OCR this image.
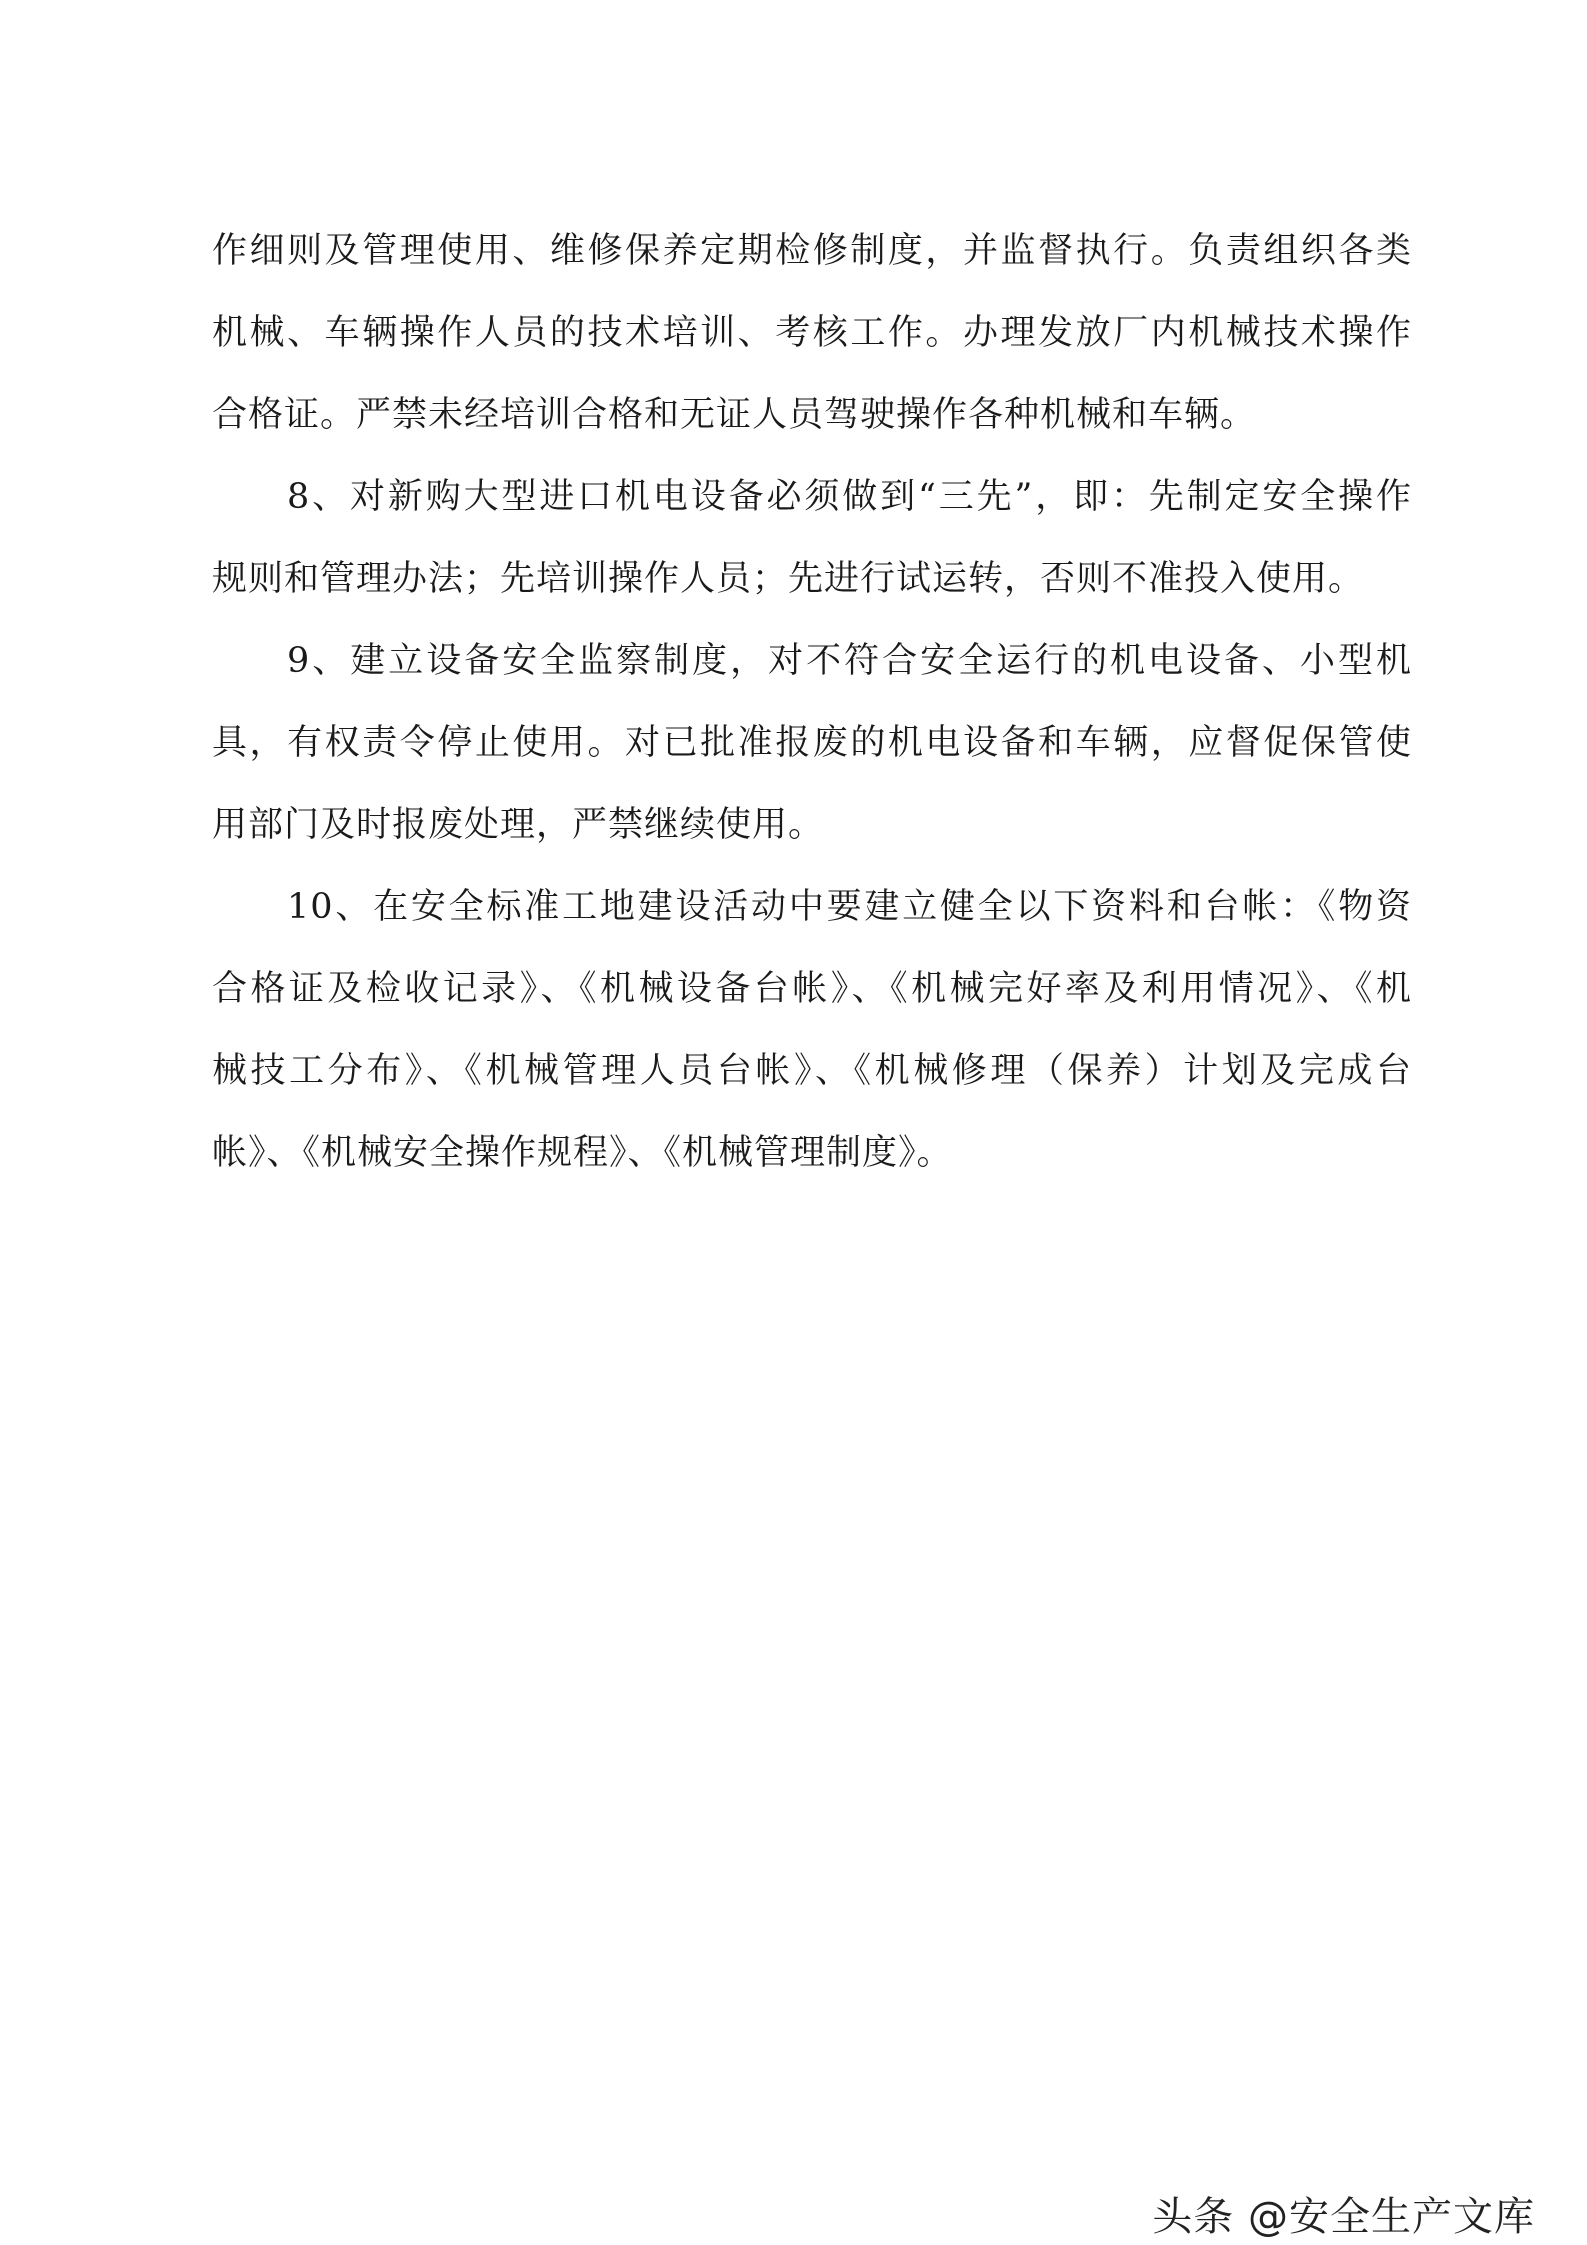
作细则及管理使用、维修保养定期检修制度，并监督执行。负责组织各类
机械、车辆操作人员的技术培训、考核工作。办理发放厂内机械技术操作
合格证。严禁未经培训合格和无证人员驾驶操作各种机械和车辆。
8、对新购大型进口机电设备必须做到“三先”，即：先制定安全操作
规则和管理办法；先培训操作人员；先进行试运转，否则不准投入使用。
9、建立设备安全监察制度，对不符合安全运行的机电设备、小型机
具，有权责令停止使用。对已批准报废的机电设备和车辆，应督促保管使
用部门及时报废处理，严禁继续使用。
10、在安全标准工地建设活动中要建立健全以下资料和台帐：《物资
合格证及检收记录》、《机械设备台帐》、《机械完好率及利用情况》、《机
械技工分布》、《机械管理人员台帐》、《机械修理（保养）计划及完成台
帐》、《机械安全操作规程》、《机械管理制度》。
头条 @安全生产文库
